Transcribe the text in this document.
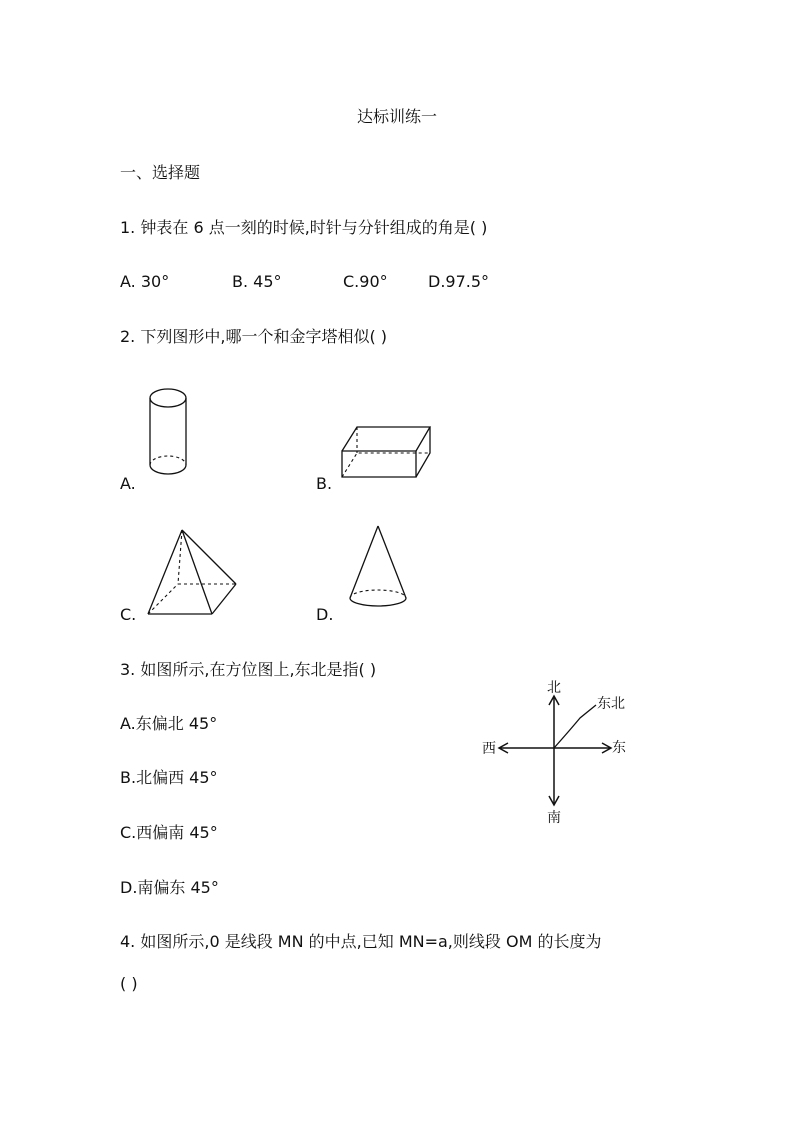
达标训练一
一、选择题
1. 钟表在 6 点一刻的时候,时针与分针组成的角是( )
A. 30°	B. 45°	C.90°	D.97.5°
2. 下列图形中,哪一个和金字塔相似( )
A.	B.
C.	D.
3. 如图所示,在方位图上,东北是指( )
A.东偏北 45°
B.北偏西 45°
C.西偏南 45°
D.南偏东 45°
北
南
东
西
东北
4. 如图所示,0 是线段 MN 的中点,已知 MN=a,则线段 OM 的长度为
( )
